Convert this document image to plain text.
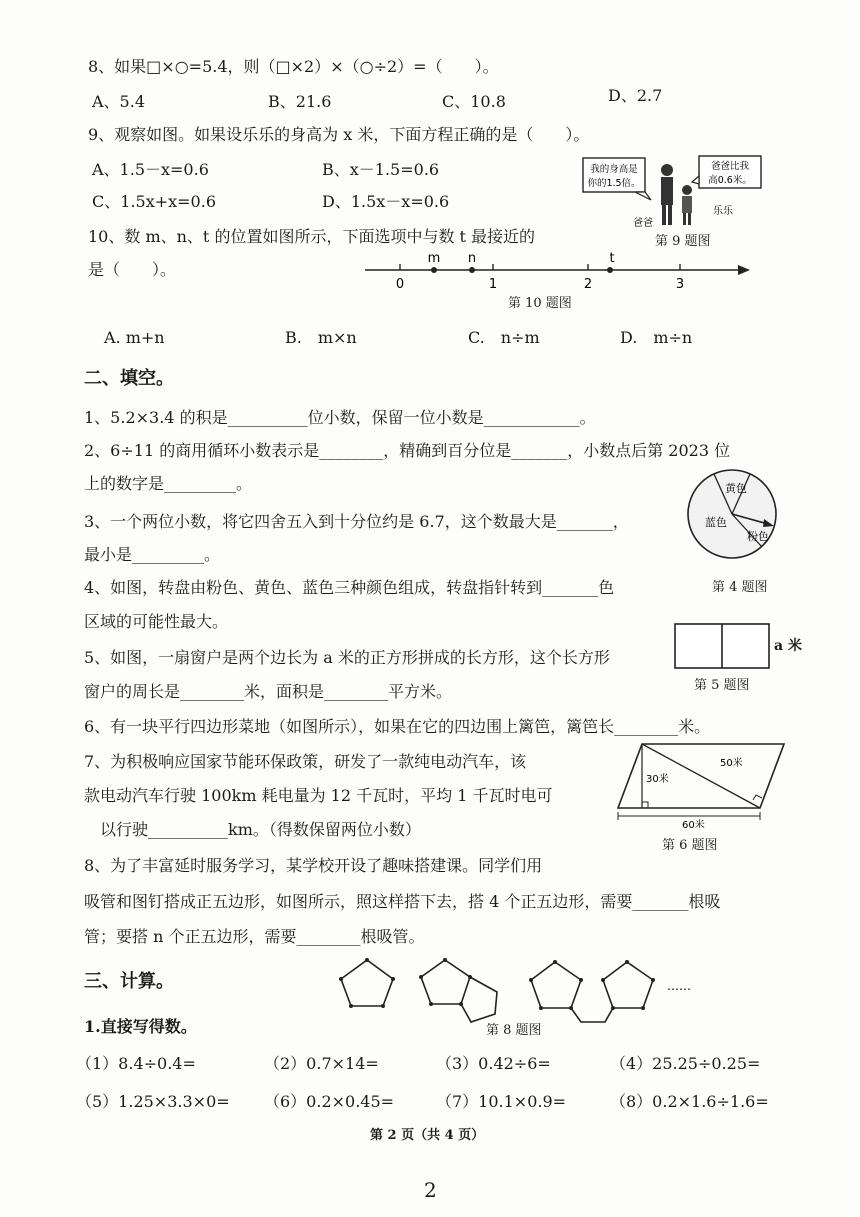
8、如果□×○=5.4，则（□×2）×（○÷2）=（　　）。
A、5.4	B、21.6	C、10.8	D、2.7
9、观察如图。如果设乐乐的身高为 x 米，下面方程正确的是（　　）。
A、1.5－x=0.6	B、x－1.5=0.6
C、1.5x+x=0.6	D、1.5x－x=0.6
我的身高是
你的1.5倍。
爸爸比我
高0.6米。
爸爸
乐乐
第 9 题图
10、数 m、n、t 的位置如图所示，下面选项中与数 t 最接近的
是（　　）。
0	1	2	3
m n	t
第 10 题图
A. m+n	B.　m×n	C.　n÷m	D.　m÷n
二、填空。
1、5.2×3.4 的积是__________位小数，保留一位小数是____________。
2、6÷11 的商用循环小数表示是________，精确到百分位是_______，小数点后第 2023 位
上的数字是_________。
3、一个两位小数，将它四舍五入到十分位约是 6.7，这个数最大是_______，
最小是_________。
4、如图，转盘由粉色、黄色、蓝色三种颜色组成，转盘指针转到_______色
区域的可能性最大。
黄色
蓝色
粉色
第 4 题图
5、如图，一扇窗户是两个边长为 a 米的正方形拼成的长方形，这个长方形
窗户的周长是________米，面积是________平方米。
a 米
第 5 题图
6、有一块平行四边形菜地（如图所示），如果在它的四边围上篱笆，篱笆长________米。
7、为积极响应国家节能环保政策，研发了一款纯电动汽车，该
款电动汽车行驶 100km 耗电量为 12 千瓦时，平均 1 千瓦时电可
以行驶__________km。（得数保留两位小数）
50米
30米
60米
第 6 题图
8、为了丰富延时服务学习，某学校开设了趣味搭建课。同学们用
吸管和图钉搭成正五边形，如图所示，照这样搭下去，搭 4 个正五边形，需要_______根吸
管；要搭 n 个正五边形，需要________根吸管。
三、计算。	……
第 8 题图
1.直接写得数。
（1）8.4÷0.4=	（2）0.7×14=	（3）0.42÷6=	（4）25.25÷0.25=
（5）1.25×3.3×0= （6）0.2×0.45=	（7）10.1×0.9=	（8）0.2×1.6÷1.6=
第 2 页（共 4 页）
2
